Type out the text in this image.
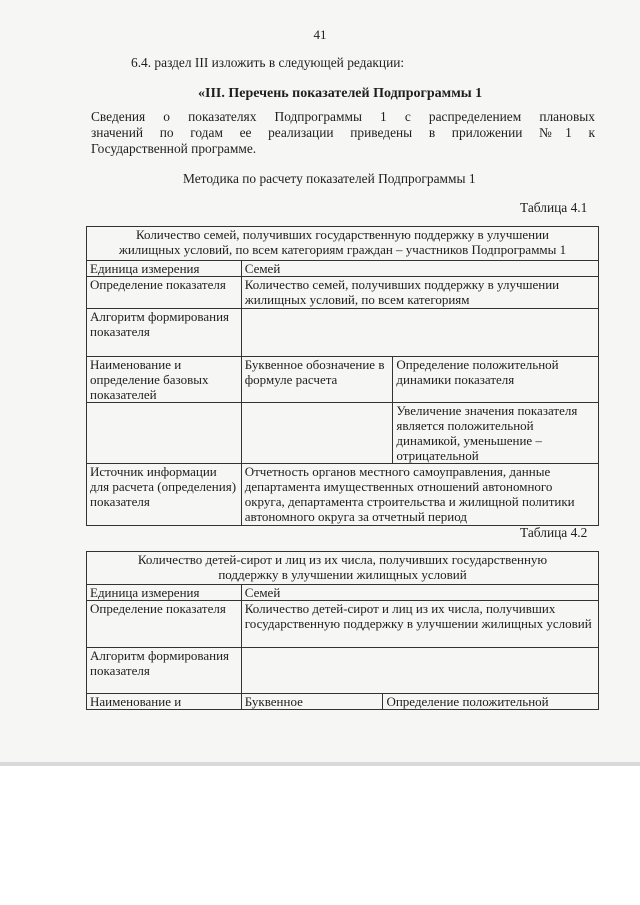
41
6.4. раздел III изложить в следующей редакции:
«III. Перечень показателей Подпрограммы 1
Сведения о показателях Подпрограммы 1 с распределением плановых
значений по годам ее реализации приведены в приложении №1 к
Государственной программе.
Методика по расчету показателей Подпрограммы 1
Таблица 4.1
Количество семей, получивших государственную поддержку в улучшении
жилищных условий, по всем категориям граждан – участников Подпрограммы 1		

Единица измерения	Семей	
Определение показателя	Количество семей, получивших поддержку в улучшении жилищных условий, по всем категориям	
Алгоритм формирования показателя		
Наименование и определение базовых показателей	Буквенное обозначение в формуле расчета	Определение положительной динамики показателя
		Увеличение значения показателя является положительной динамикой, уменьшение – отрицательной
Источник информации для расчета (определения) показателя	Отчетность органов местного самоуправления, данные департамента имущественных отношений автономного округа, департамента строительства и жилищной политики автономного округа за отчетный период	
Таблица 4.2
Количество детей-сирот и лиц из их числа, получивших государственную
поддержку в улучшении жилищных условий		

Единица измерения	Семей	
Определение показателя	Количество детей-сирот и лиц из их числа, получивших государственную поддержку в улучшении жилищных условий	
Алгоритм формирования показателя		
Наименование и	Буквенное	Определение положительной
